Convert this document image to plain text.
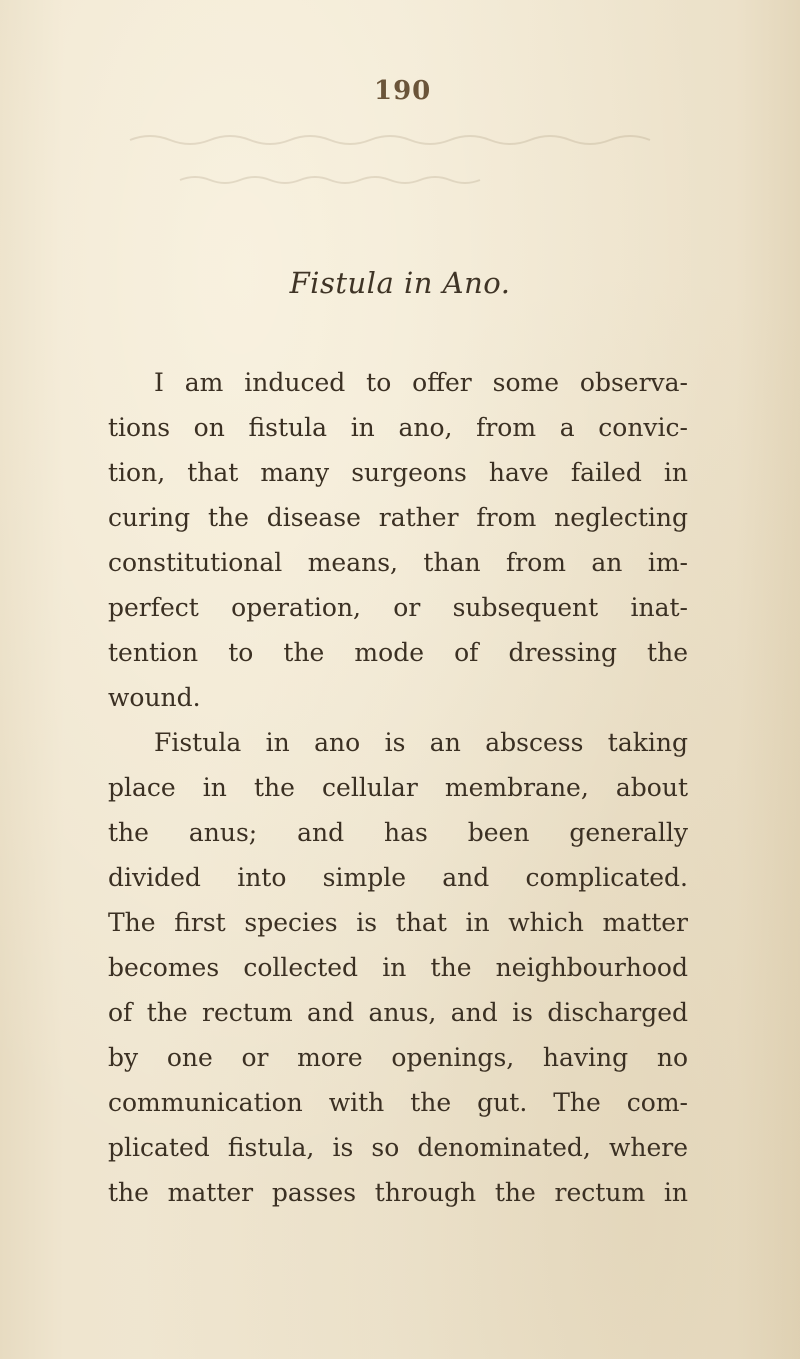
190
Fistula in Ano.

I am induced to offer some observa-
tions on fistula in ano, from a convic-
tion, that many surgeons have failed in
curing the disease rather from neglecting
constitutional means, than from an im-
perfect operation, or subsequent inat-
tention to the mode of dressing the
wound.

Fistula in ano is an abscess taking
place in the cellular membrane, about
the anus; and has been generally
divided into simple and complicated.
The first species is that in which matter
becomes collected in the neighbourhood
of the rectum and anus, and is discharged
by one or more openings, having no
communication with the gut. The com-
plicated fistula, is so denominated, where
the matter passes through the rectum in
